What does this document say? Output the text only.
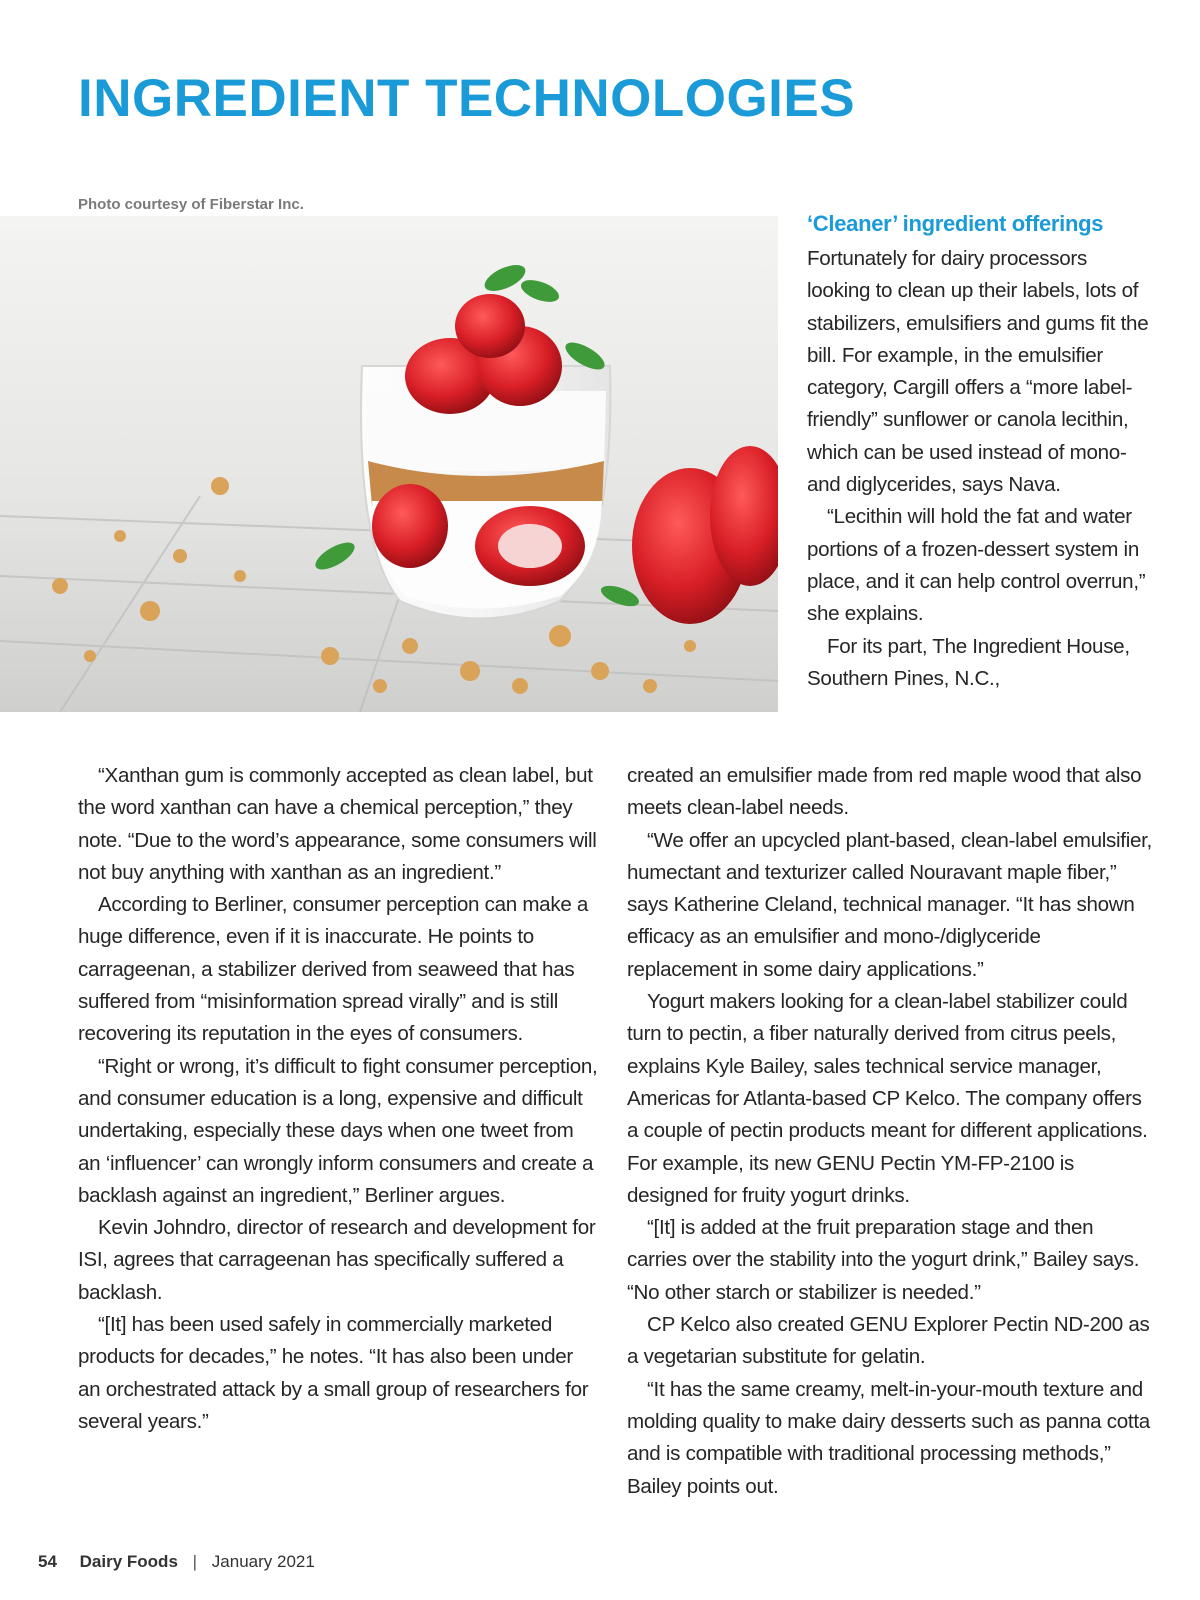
INGREDIENT TECHNOLOGIES
Photo courtesy of Fiberstar Inc.
‘Cleaner’ ingredient offerings

Fortunately for dairy processors looking to clean up their labels, lots of stabilizers, emulsifiers and gums fit the bill. For example, in the emulsifier category, Cargill offers a “more label-friendly” sunflower or canola lecithin, which can be used instead of mono- and diglycerides, says Nava.

“Lecithin will hold the fat and water portions of a frozen-dessert system in place, and it can help control overrun,” she explains.

For its part, The Ingredient House, Southern Pines, N.C.,

“Xanthan gum is commonly accepted as clean label, but the word xanthan can have a chemical perception,” they note. “Due to the word’s appearance, some consumers will not buy anything with xanthan as an ingredient.”

According to Berliner, consumer perception can make a huge difference, even if it is inaccurate. He points to carrageenan, a stabilizer derived from seaweed that has suffered from “misinformation spread virally” and is still recovering its reputation in the eyes of consumers.

“Right or wrong, it’s difficult to fight consumer perception, and consumer education is a long, expensive and difficult undertaking, especially these days when one tweet from an ‘influencer’ can wrongly inform consumers and create a backlash against an ingredient,” Berliner argues.

Kevin Johndro, director of research and development for ISI, agrees that carrageenan has specifically suffered a backlash.

“[It] has been used safely in commercially marketed products for decades,” he notes. “It has also been under an orchestrated attack by a small group of researchers for several years.”

created an emulsifier made from red maple wood that also meets clean-label needs.

“We offer an upcycled plant-based, clean-label emulsifier, humectant and texturizer called Nouravant maple fiber,” says Katherine Cleland, technical manager. “It has shown efficacy as an emulsifier and mono-/diglyceride replacement in some dairy applications.”

Yogurt makers looking for a clean-label stabilizer could turn to pectin, a fiber naturally derived from citrus peels, explains Kyle Bailey, sales technical service manager, Americas for Atlanta-based CP Kelco. The company offers a couple of pectin products meant for different applications. For example, its new GENU Pectin YM-FP-2100 is designed for fruity yogurt drinks.

“[It] is added at the fruit preparation stage and then carries over the stability into the yogurt drink,” Bailey says. “No other starch or stabilizer is needed.”

CP Kelco also created GENU Explorer Pectin ND-200 as a vegetarian substitute for gelatin.

“It has the same creamy, melt-in-your-mouth texture and molding quality to make dairy desserts such as panna cotta and is compatible with traditional processing methods,” Bailey points out.

54 Dairy Foods | January 2021
